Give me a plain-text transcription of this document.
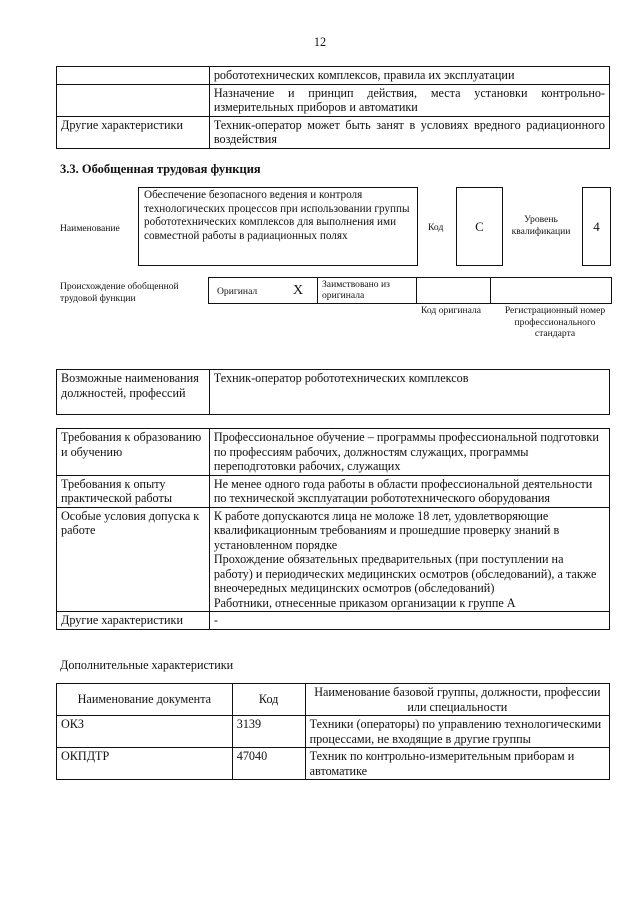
12
	робототехнических комплексов, правила их эксплуатации
	Назначение и принцип действия, места установки контрольно-измерительных приборов и автоматики
Другие характеристики	Техник-оператор может быть занят в условиях вредного радиационного воздействия
3.3. Обобщенная трудовая функция
Наименование
Обеспечение безопасного ведения и контроля технологических процессов при использовании группы робототехнических комплексов для выполнения ими совместной работы в радиационных полях
Код	C	Уровень квалификации	4
Происхождение обобщенной трудовой функции
Оригинал	X Заимствовано из оригинала
Код оригинала	Регистрационный номер профессионального стандарта
Возможные наименования должностей, профессий	Техник-оператор робототехнических комплексов
Требования к образованию и обучению	Профессиональное обучение – программы профессиональной подготовки по профессиям рабочих, должностям служащих, программы переподготовки рабочих, служащих
Требования к опыту практической работы	Не менее одного года работы в области профессиональной деятельности по технической эксплуатации робототехнического оборудования
Особые условия допуска к работе	К работе допускаются лица не моложе 18 лет, удовлетворяющие квалификационным требованиям и прошедшие проверку знаний в установленном порядке
Прохождение обязательных предварительных (при поступлении на работу) и периодических медицинских осмотров (обследований), а также внеочередных медицинских осмотров (обследований)
Работники, отнесенные приказом организации к группе А

Другие характеристики	-
Дополнительные характеристики
Наименование документа	Код	Наименование базовой группы, должности, профессии или специальности
ОКЗ	3139	Техники (операторы) по управлению технологическими процессами, не входящие в другие группы
ОКПДТР	47040	Техник по контрольно-измерительным приборам и автоматике
